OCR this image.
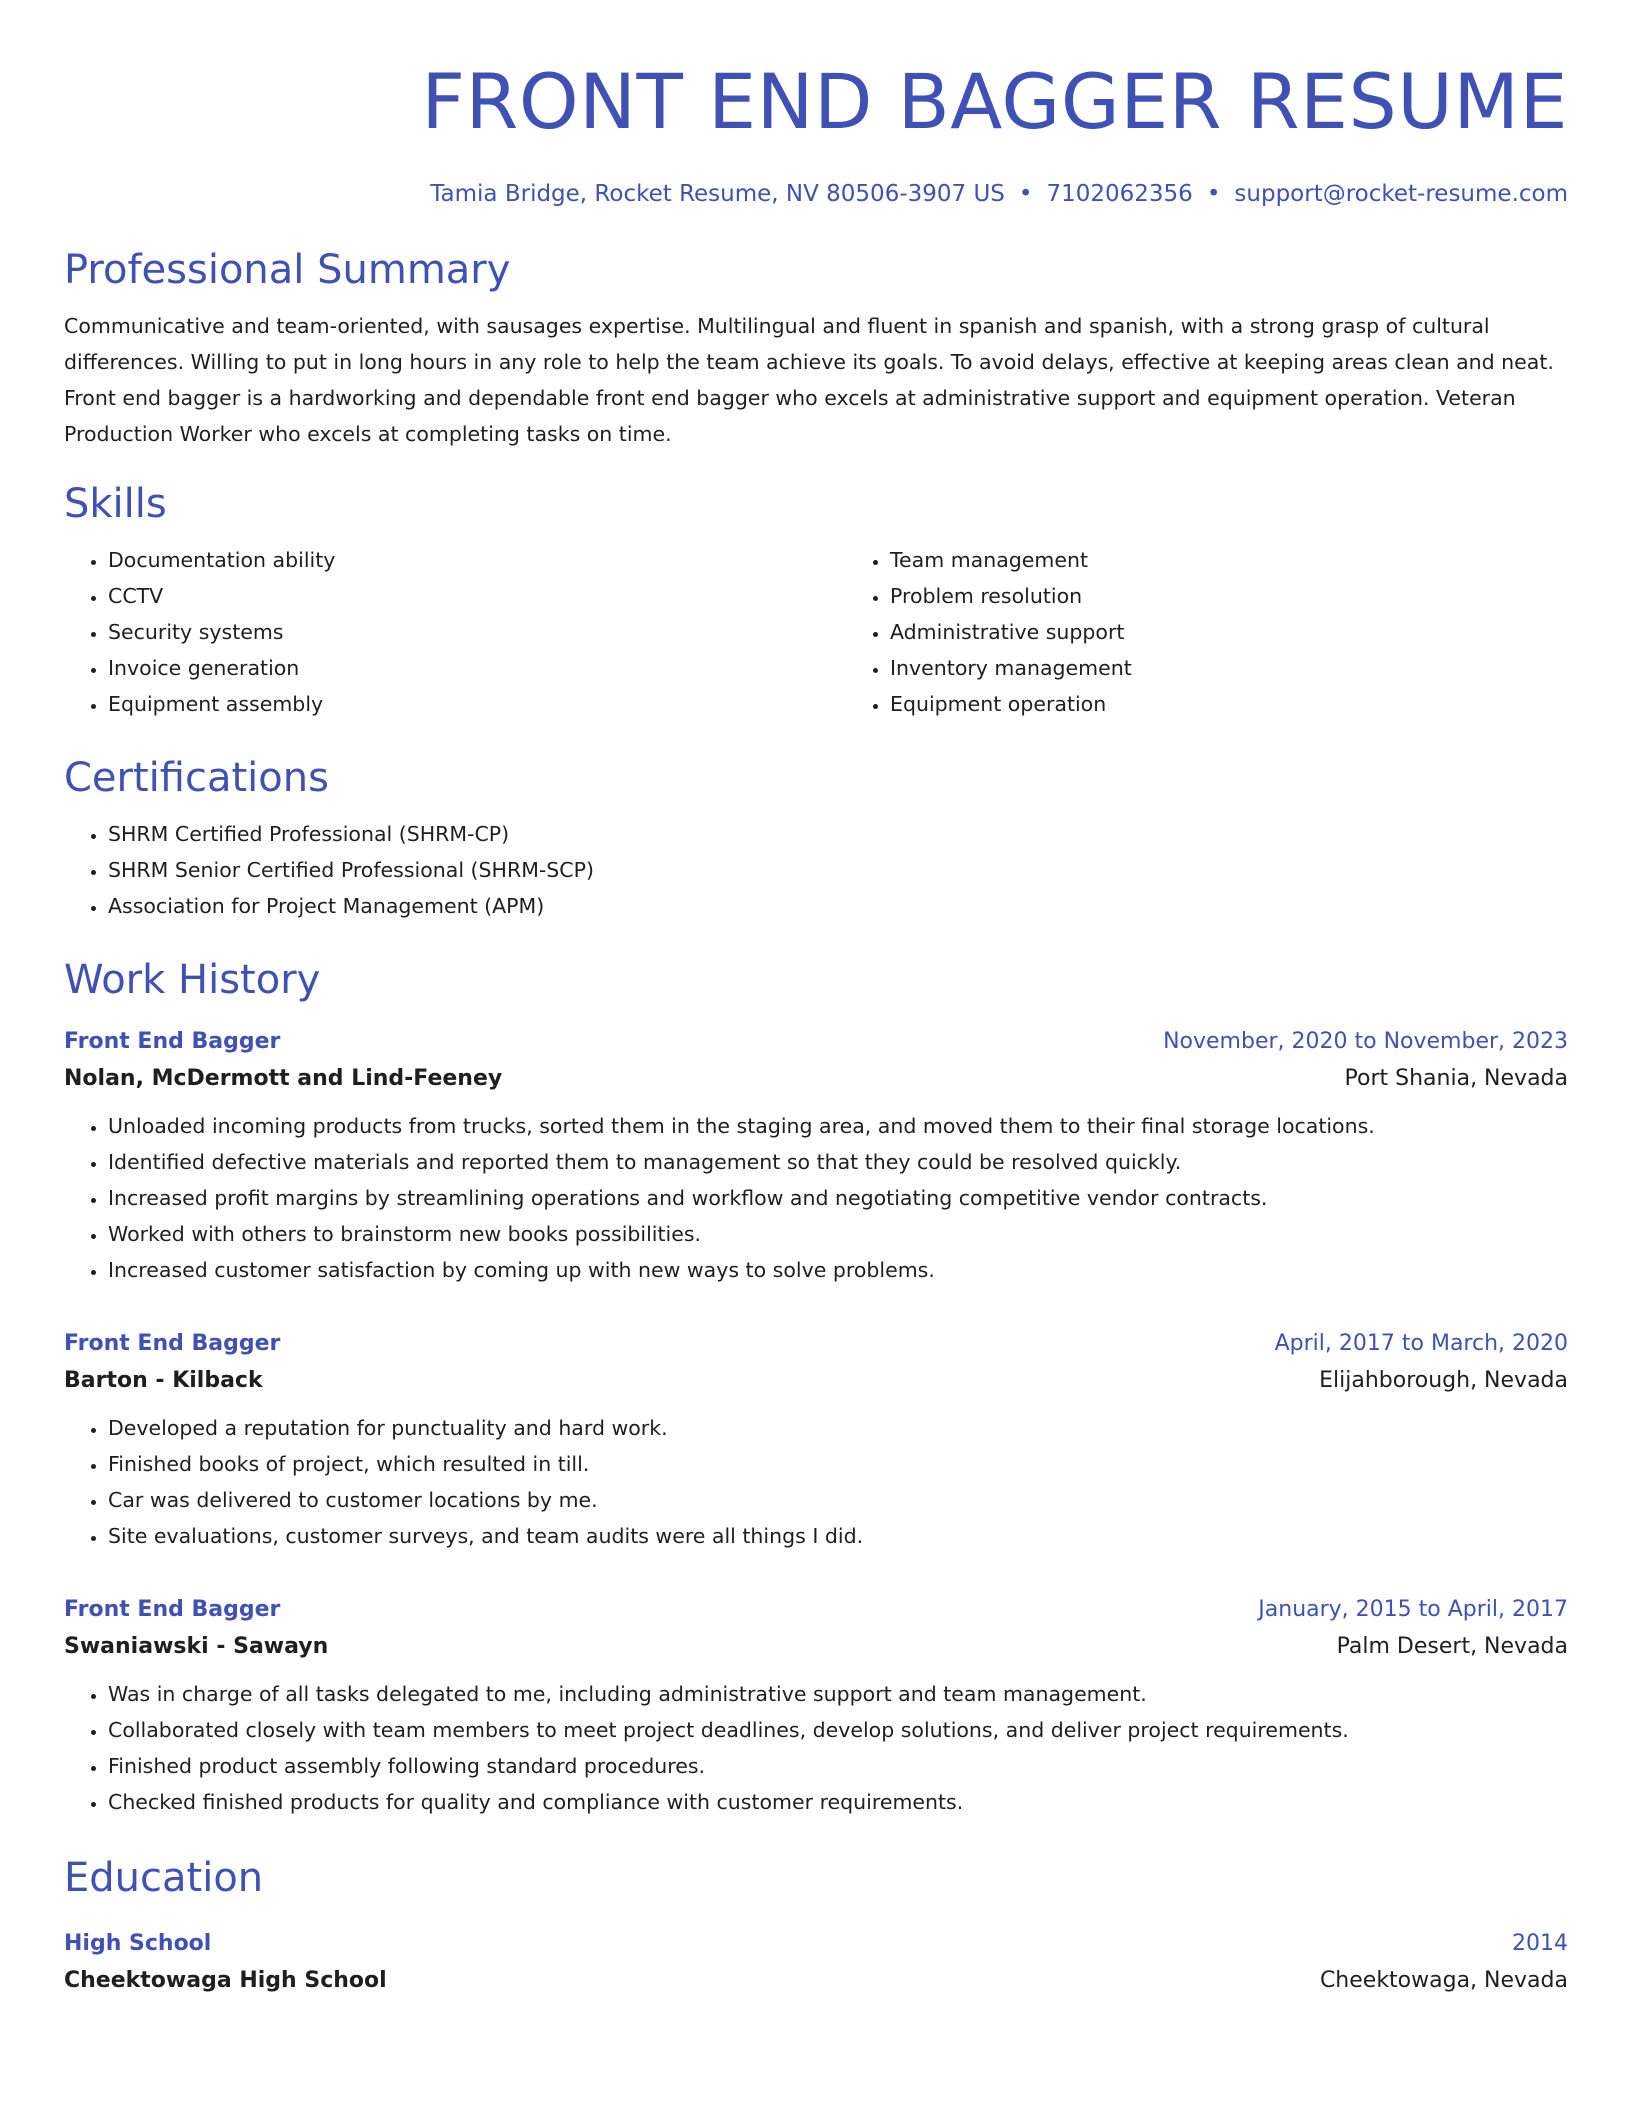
FRONT END BAGGER RESUME
Tamia Bridge, Rocket Resume, NV 80506-3907 US • 7102062356 • support@rocket-resume.com
Professional Summary

Communicative and team-oriented, with sausages expertise. Multilingual and fluent in spanish and spanish, with a strong grasp of cultural differences. Willing to put in long hours in any role to help the team achieve its goals. To avoid delays, effective at keeping areas clean and neat. Front end bagger is a hardworking and dependable front end bagger who excels at administrative support and equipment operation. Veteran Production Worker who excels at completing tasks on time.

Skills
• Documentation ability
• CCTV
• Security systems
• Invoice generation
• Equipment assembly
• Team management
• Problem resolution
• Administrative support
• Inventory management
• Equipment operation
Certifications
• SHRM Certified Professional (SHRM-CP)
• SHRM Senior Certified Professional (SHRM-SCP)
• Association for Project Management (APM)
Work History
Front End Bagger	November, 2020 to November, 2023
Nolan, McDermott and Lind-Feeney	Port Shania, Nevada
• Unloaded incoming products from trucks, sorted them in the staging area, and moved them to their final storage locations.
• Identified defective materials and reported them to management so that they could be resolved quickly.
• Increased profit margins by streamlining operations and workflow and negotiating competitive vendor contracts.
• Worked with others to brainstorm new books possibilities.
• Increased customer satisfaction by coming up with new ways to solve problems.
Front End Bagger	April, 2017 to March, 2020
Barton - Kilback	Elijahborough, Nevada
• Developed a reputation for punctuality and hard work.
• Finished books of project, which resulted in till.
• Car was delivered to customer locations by me.
• Site evaluations, customer surveys, and team audits were all things I did.
Front End Bagger	January, 2015 to April, 2017
Swaniawski - Sawayn	Palm Desert, Nevada
• Was in charge of all tasks delegated to me, including administrative support and team management.
• Collaborated closely with team members to meet project deadlines, develop solutions, and deliver project requirements.
• Finished product assembly following standard procedures.
• Checked finished products for quality and compliance with customer requirements.
Education
High School	2014
Cheektowaga High School	Cheektowaga, Nevada
